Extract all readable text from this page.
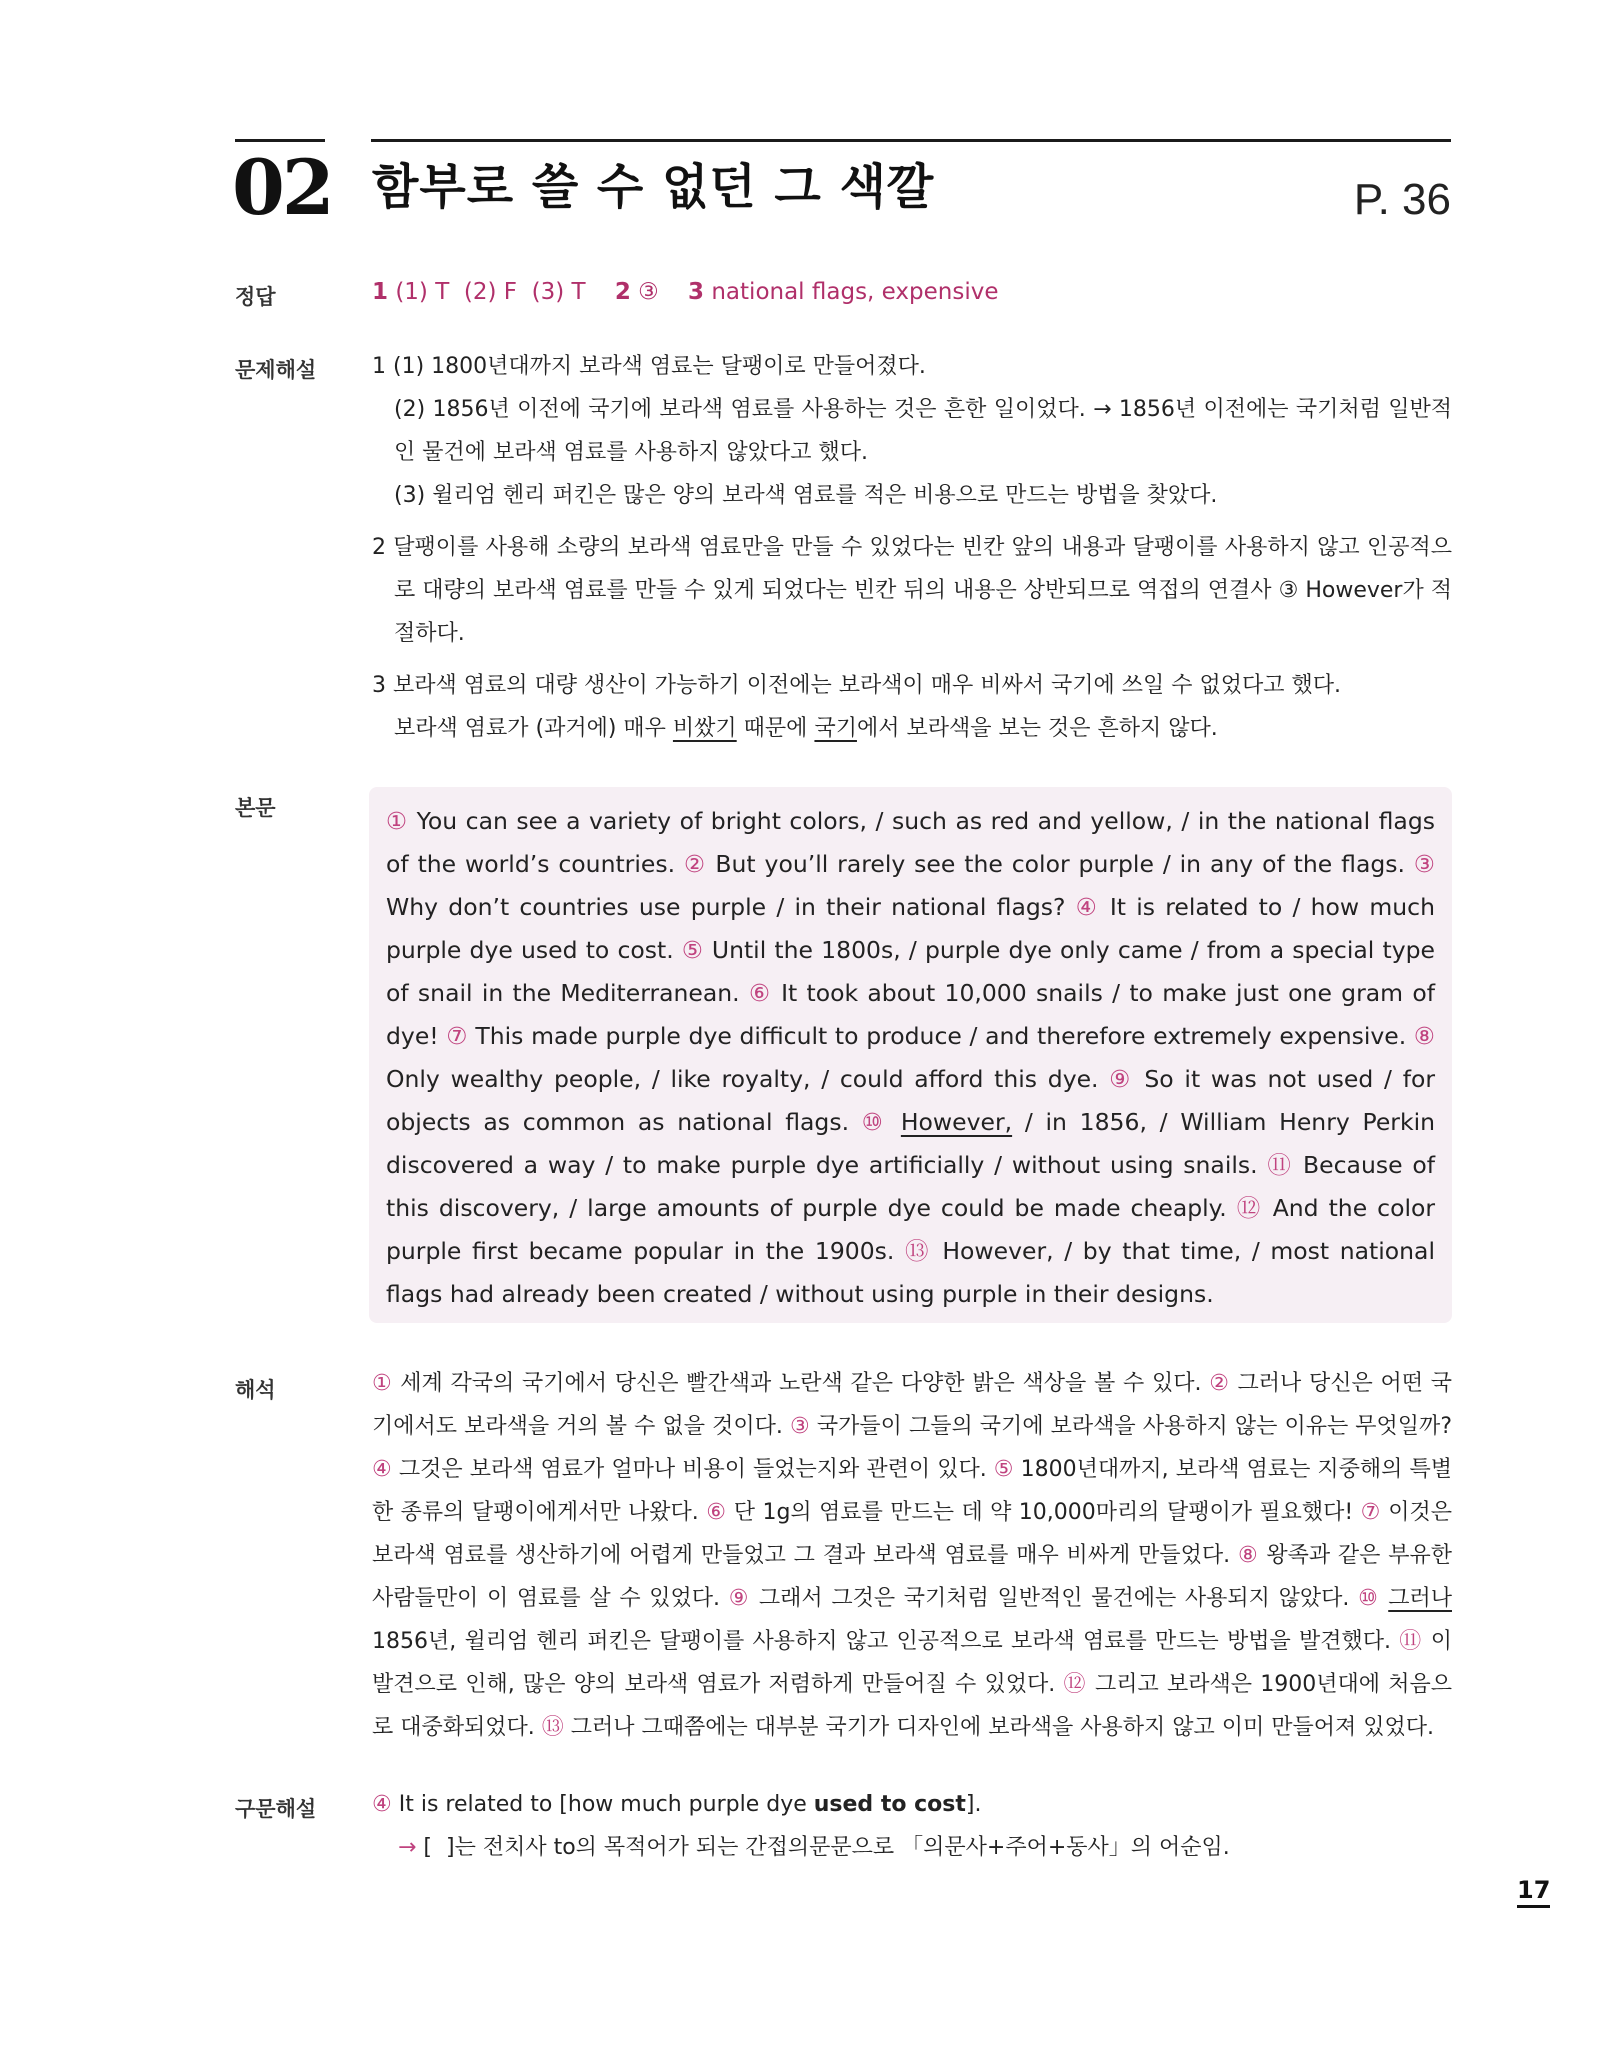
02 함부로 쓸 수 없던 그 색깔	P. 36
정답	1 (1) T  (2) F  (3) T 2 ③ 3 national flags, expensive
문제해설	1 (1) 1800년대까지 보라색 염료는 달팽이로 만들어졌다.

(2) 1856년 이전에 국기에 보라색 염료를 사용하는 것은 흔한 일이었다. → 1856년 이전에는 국기처럼 일반적인 물건에 보라색 염료를 사용하지 않았다고 했다.

(3) 윌리엄 헨리 퍼킨은 많은 양의 보라색 염료를 적은 비용으로 만드는 방법을 찾았다.

2 달팽이를 사용해 소량의 보라색 염료만을 만들 수 있었다는 빈칸 앞의 내용과 달팽이를 사용하지 않고 인공적으로 대량의 보라색 염료를 만들 수 있게 되었다는 빈칸 뒤의 내용은 상반되므로 역접의 연결사 ③ However가 적절하다.

3 보라색 염료의 대량 생산이 가능하기 이전에는 보라색이 매우 비싸서 국기에 쓰일 수 없었다고 했다.

보라색 염료가 (과거에) 매우 비쌌기 때문에 국기에서 보라색을 보는 것은 흔하지 않다.

본문	① You can see a variety of bright colors, / such as red and yellow, / in the national flags of the world’s countries. ② But you’ll rarely see the color purple / in any of the flags. ③ Why don’t countries use purple / in their national flags? ④ It is related to / how much purple dye used to cost. ⑤ Until the 1800s, / purple dye only came / from a special type of snail in the Mediterranean. ⑥ It took about 10,000 snails / to make just one gram of dye! ⑦ This made purple dye difficult to produce / and therefore extremely expensive. ⑧ Only wealthy people, / like royalty, / could afford this dye. ⑨ So it was not used / for objects as common as national flags. ⑩ However, / in 1856, / William Henry Perkin discovered a way / to make purple dye artificially / without using snails. ⑪ Because of this discovery, / large amounts of purple dye could be made cheaply. ⑫ And the color purple first became popular in the 1900s. ⑬ However, / by that time, / most national flags had already been created / without using purple in their designs.

해석	① 세계 각국의 국기에서 당신은 빨간색과 노란색 같은 다양한 밝은 색상을 볼 수 있다. ② 그러나 당신은 어떤 국기에서도 보라색을 거의 볼 수 없을 것이다. ③ 국가들이 그들의 국기에 보라색을 사용하지 않는 이유는 무엇일까? ④ 그것은 보라색 염료가 얼마나 비용이 들었는지와 관련이 있다. ⑤ 1800년대까지, 보라색 염료는 지중해의 특별한 종류의 달팽이에게서만 나왔다. ⑥ 단 1g의 염료를 만드는 데 약 10,000마리의 달팽이가 필요했다! ⑦ 이것은 보라색 염료를 생산하기에 어렵게 만들었고 그 결과 보라색 염료를 매우 비싸게 만들었다. ⑧ 왕족과 같은 부유한 사람들만이 이 염료를 살 수 있었다. ⑨ 그래서 그것은 국기처럼 일반적인 물건에는 사용되지 않았다. ⑩ 그러나 1856년, 윌리엄 헨리 퍼킨은 달팽이를 사용하지 않고 인공적으로 보라색 염료를 만드는 방법을 발견했다. ⑪ 이 발견으로 인해, 많은 양의 보라색 염료가 저렴하게 만들어질 수 있었다. ⑫ 그리고 보라색은 1900년대에 처음으로 대중화되었다. ⑬ 그러나 그때쯤에는 대부분 국기가 디자인에 보라색을 사용하지 않고 이미 만들어져 있었다.

구문해설	④ It is related to [how much purple dye used to cost].

→ [  ]는 전치사 to의 목적어가 되는 간접의문문으로 「의문사+주어+동사」의 어순임.

17
